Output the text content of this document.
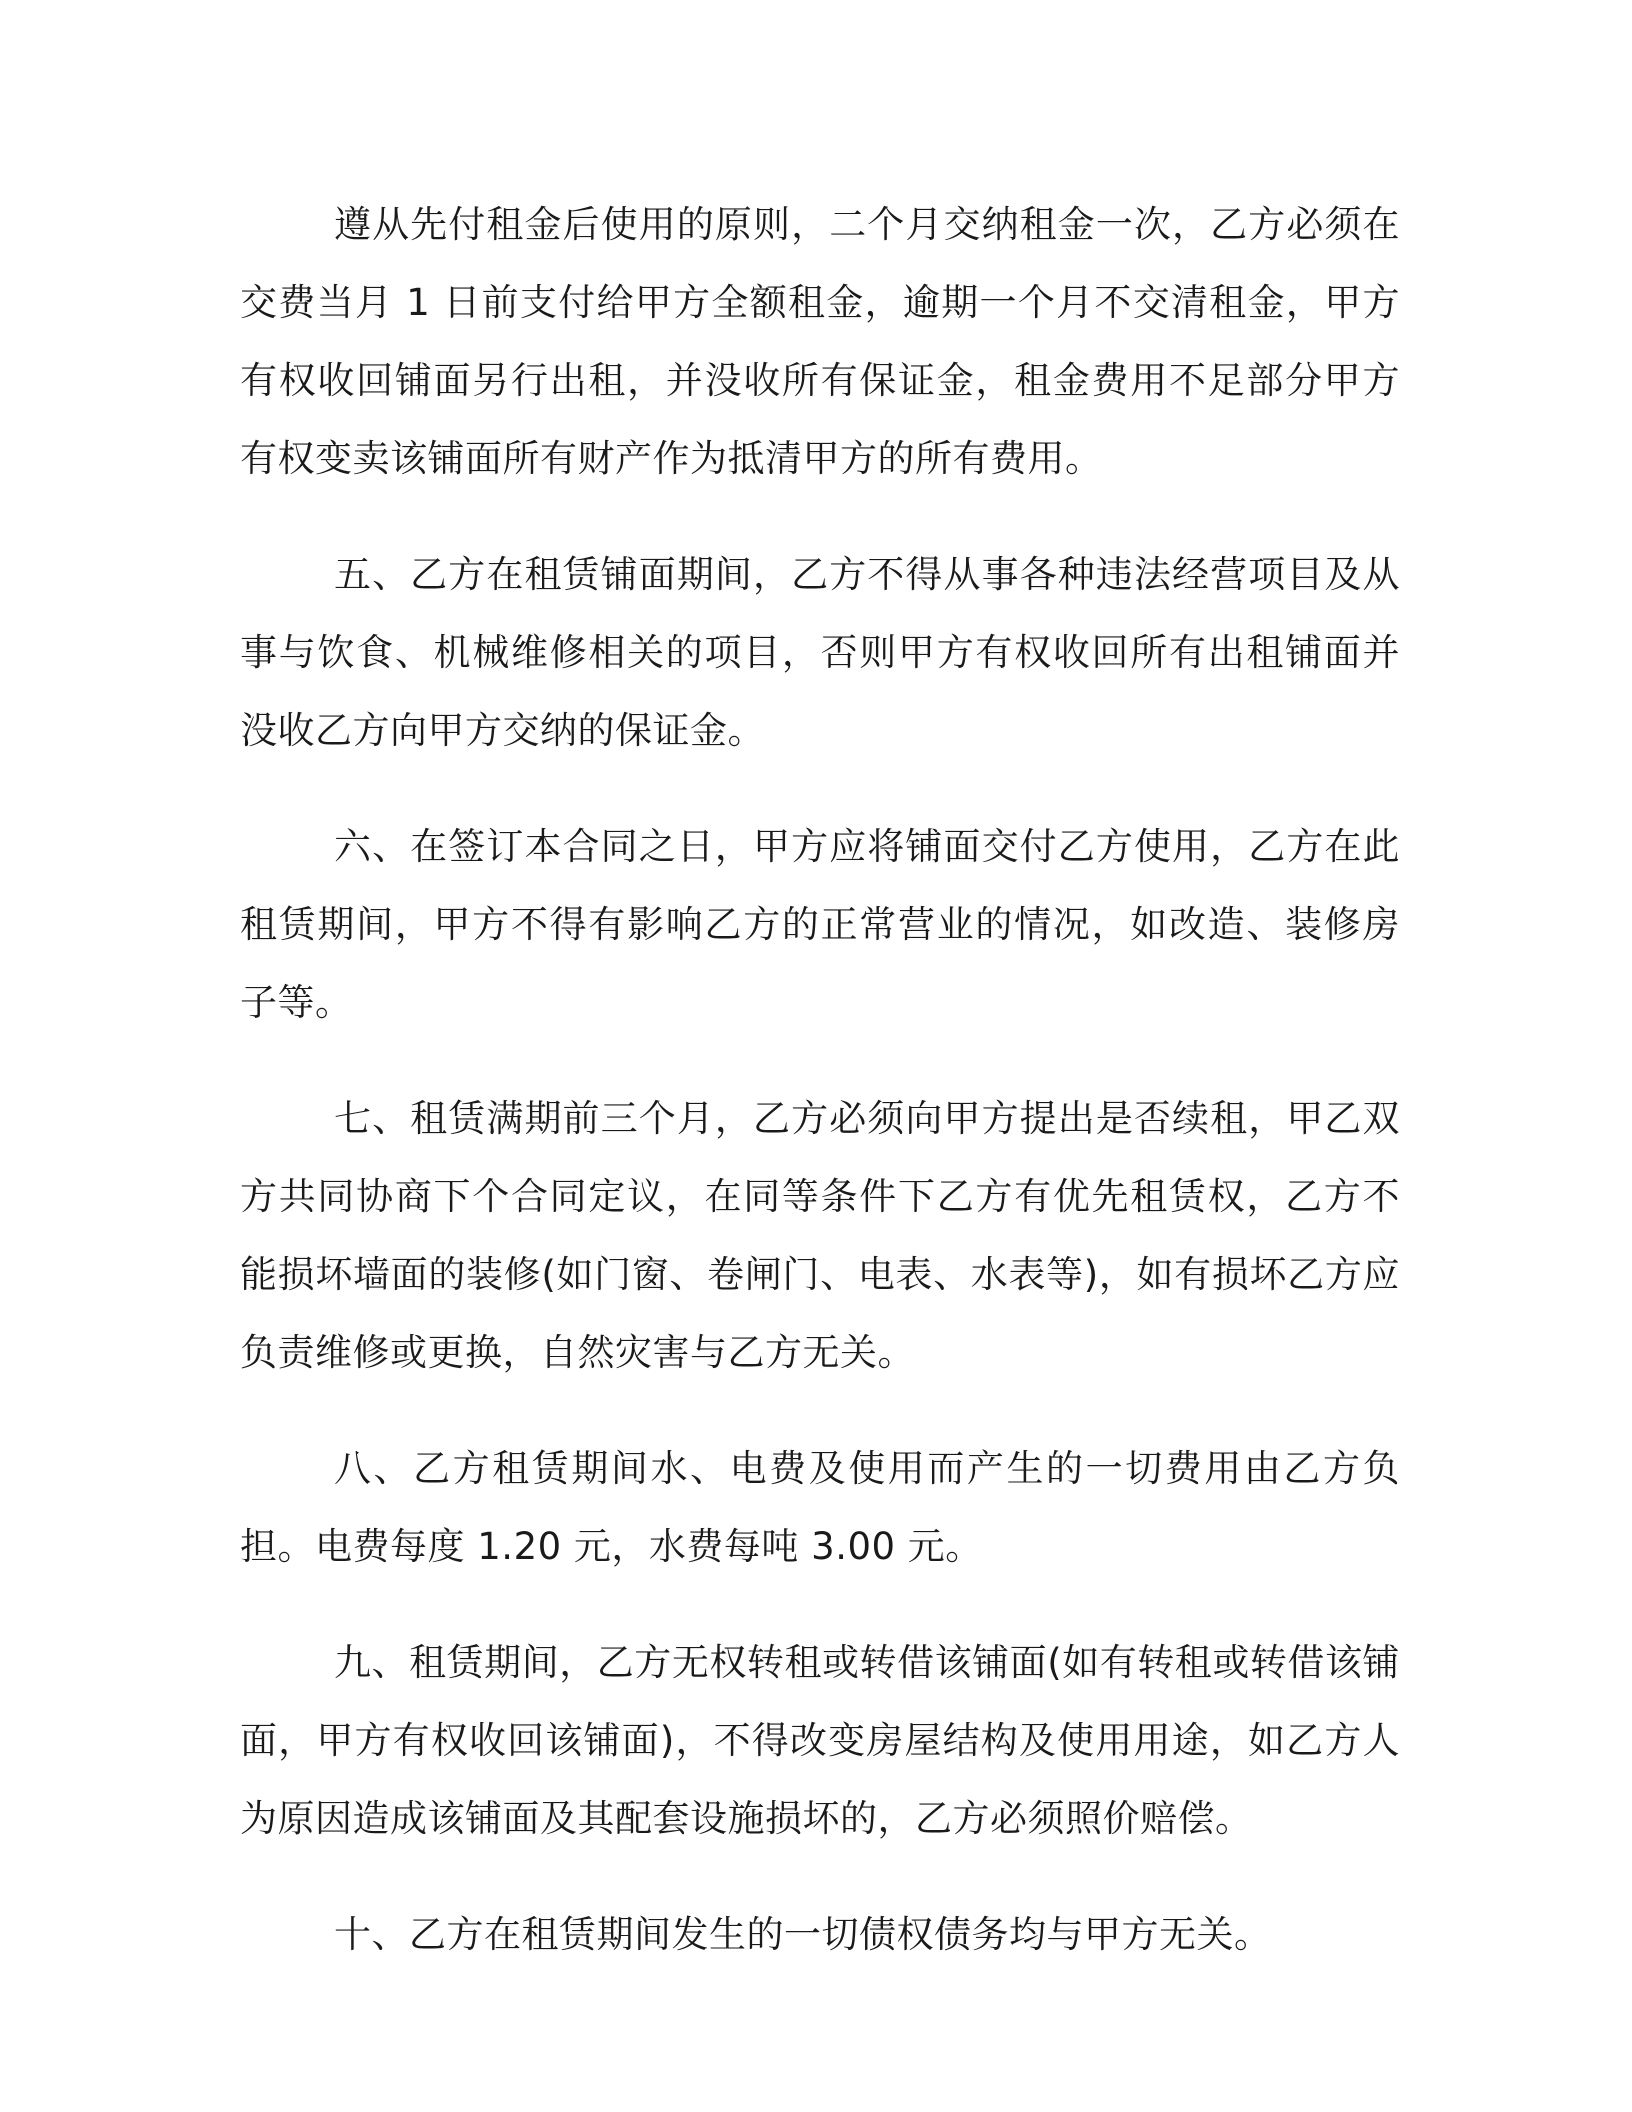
遵从先付租金后使用的原则，二个月交纳租金一次，乙方必须在交费当月 1 日前支付给甲方全额租金，逾期一个月不交清租金，甲方有权收回铺面另行出租，并没收所有保证金，租金费用不足部分甲方有权变卖该铺面所有财产作为抵清甲方的所有费用。

五、乙方在租赁铺面期间，乙方不得从事各种违法经营项目及从事与饮食、机械维修相关的项目，否则甲方有权收回所有出租铺面并没收乙方向甲方交纳的保证金。

六、在签订本合同之日，甲方应将铺面交付乙方使用，乙方在此租赁期间，甲方不得有影响乙方的正常营业的情况，如改造、装修房子等。

七、租赁满期前三个月，乙方必须向甲方提出是否续租，甲乙双方共同协商下个合同定议，在同等条件下乙方有优先租赁权，乙方不能损坏墙面的装修(如门窗、卷闸门、电表、水表等)，如有损坏乙方应负责维修或更换，自然灾害与乙方无关。

八、乙方租赁期间水、电费及使用而产生的一切费用由乙方负担。电费每度 1.20 元，水费每吨 3.00 元。

九、租赁期间，乙方无权转租或转借该铺面(如有转租或转借该铺面，甲方有权收回该铺面)，不得改变房屋结构及使用用途，如乙方人为原因造成该铺面及其配套设施损坏的，乙方必须照价赔偿。

十、乙方在租赁期间发生的一切债权债务均与甲方无关。
